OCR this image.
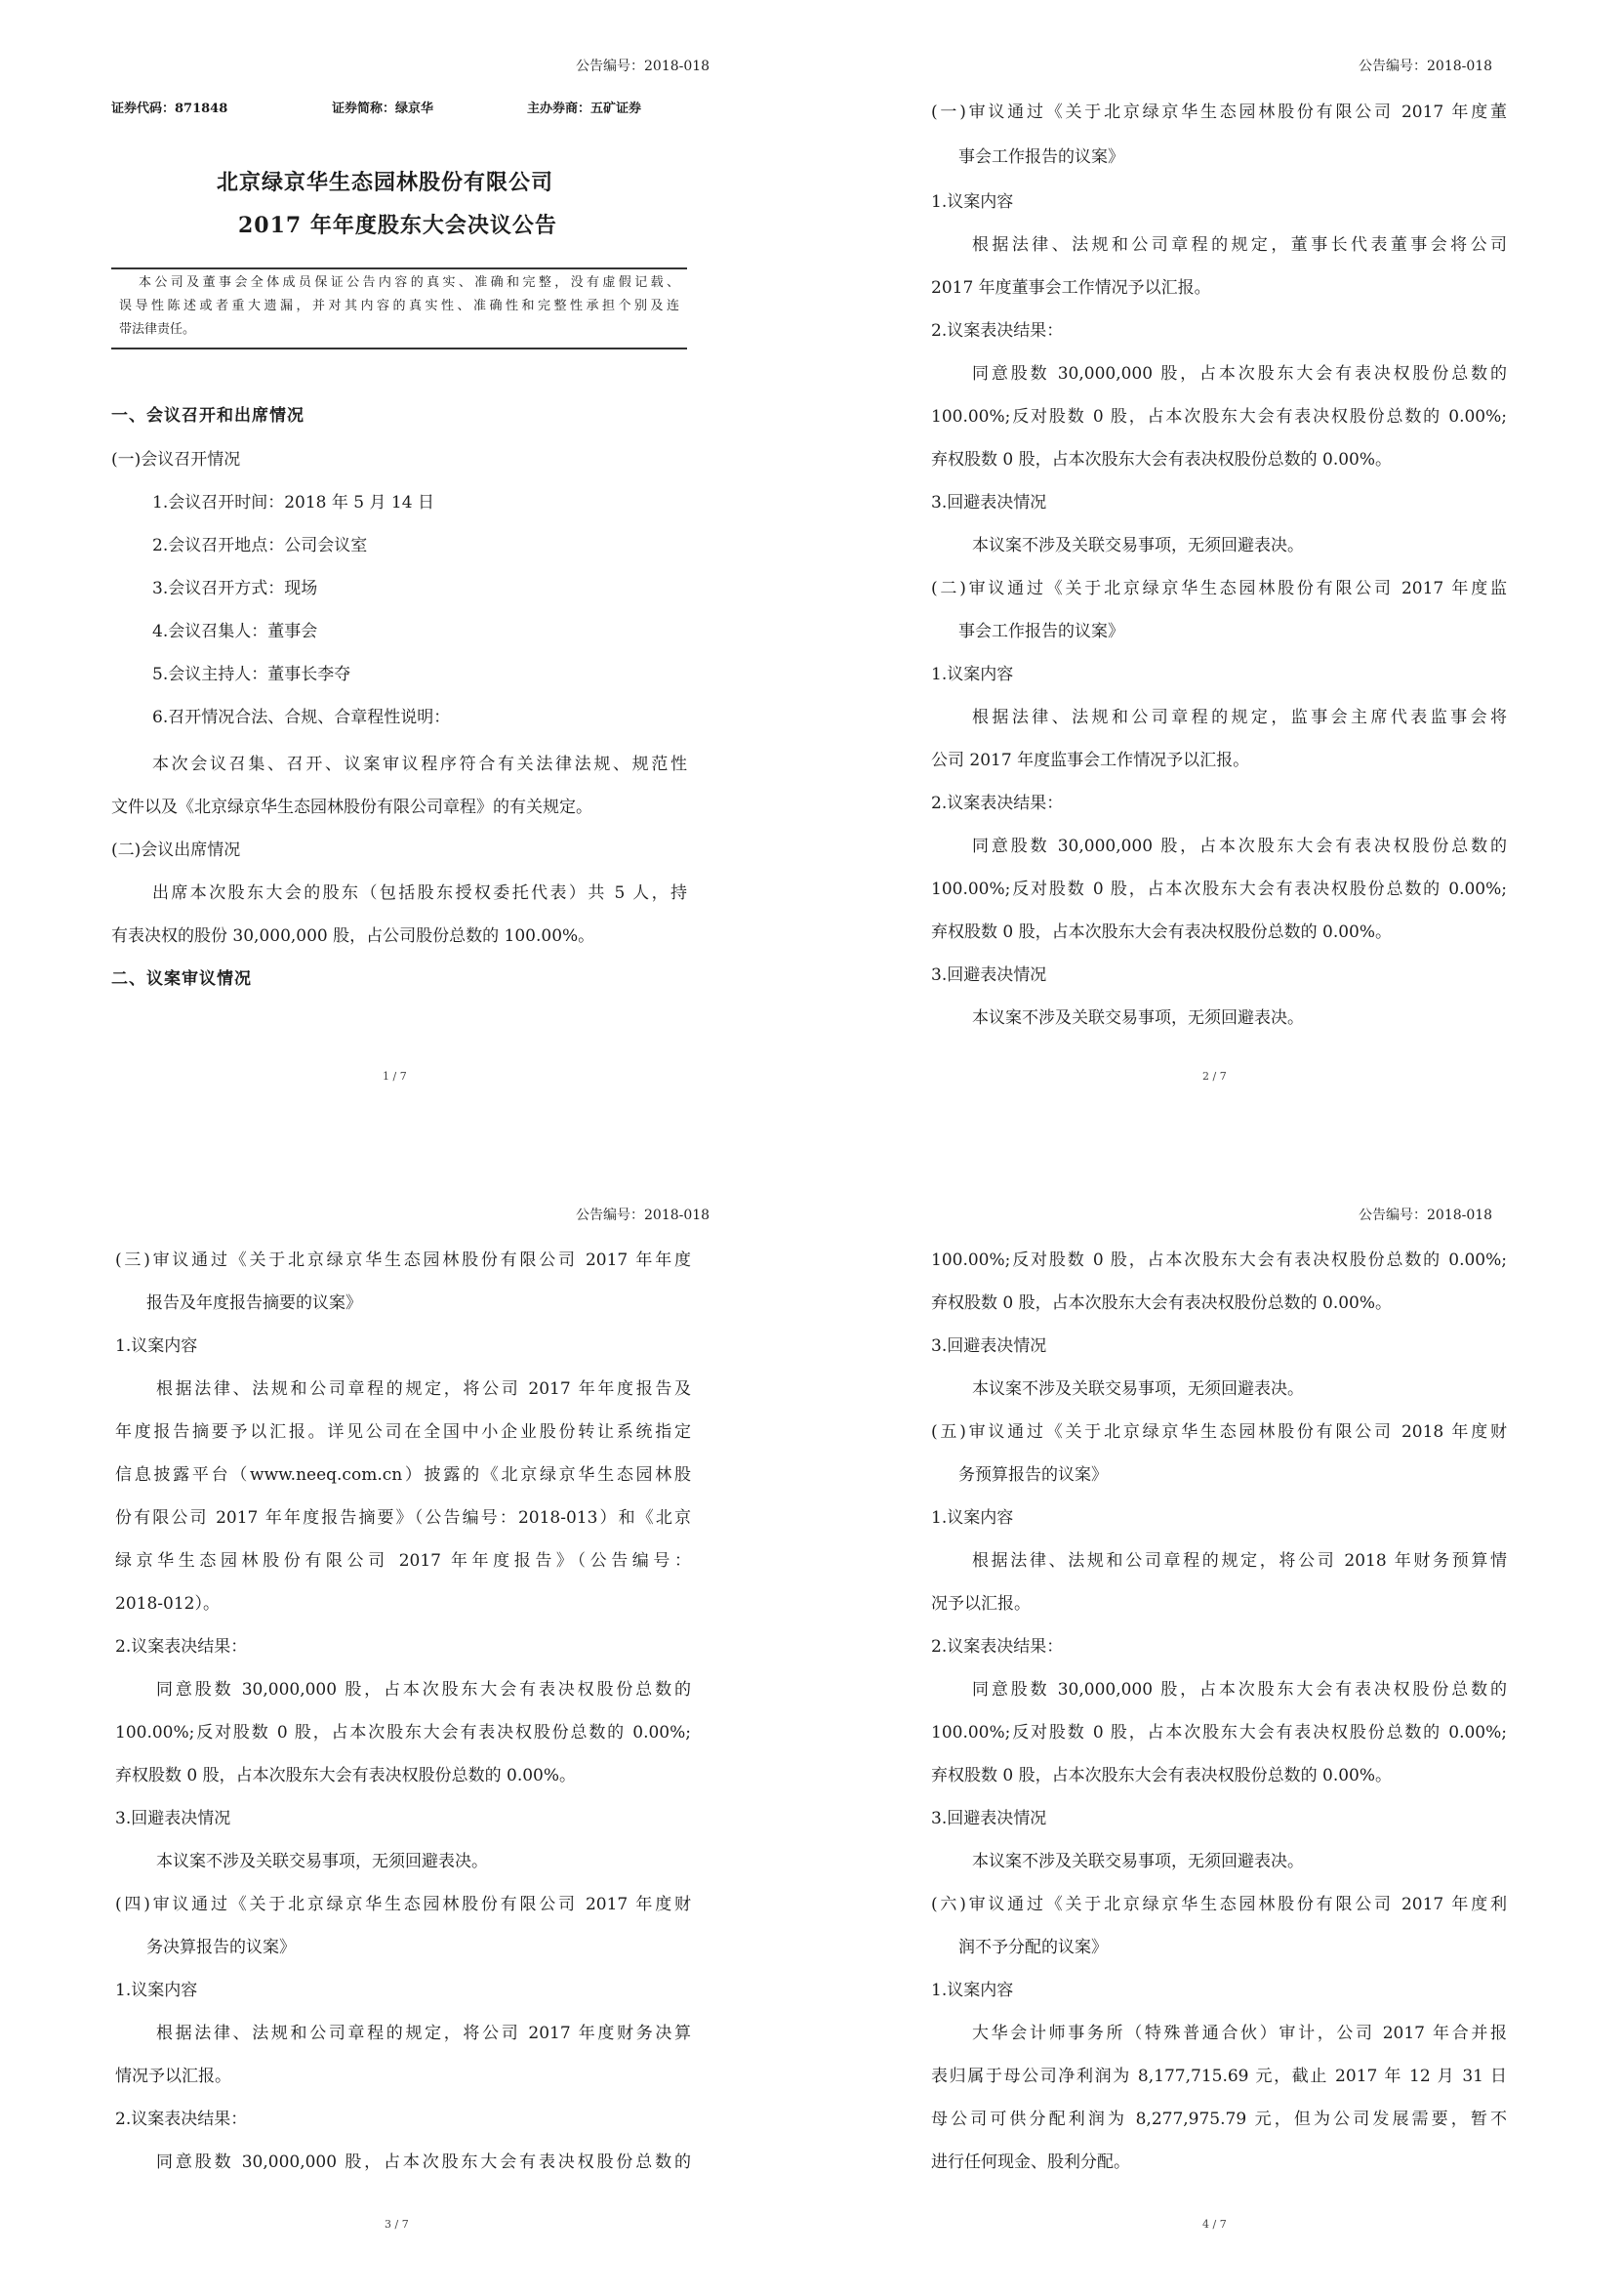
公告编号：2018-018
证券代码：871848	证券简称：绿京华	主办券商：五矿证券
北京绿京华生态园林股份有限公司
2017 年年度股东大会决议公告
本公司及董事会全体成员保证公告内容的真实、准确和完整，没有虚假记载、
误导性陈述或者重大遗漏，并对其内容的真实性、准确性和完整性承担个别及连
带法律责任。
一、会议召开和出席情况
(一)会议召开情况
1.会议召开时间：2018 年 5 月 14 日
2.会议召开地点：公司会议室
3.会议召开方式：现场
4.会议召集人：董事会
5.会议主持人：董事长李夺
6.召开情况合法、合规、合章程性说明：
本次会议召集、召开、议案审议程序符合有关法律法规、规范性
文件以及《北京绿京华生态园林股份有限公司章程》的有关规定。
(二)会议出席情况
出席本次股东大会的股东（包括股东授权委托代表）共 5 人，持
有表决权的股份 30,000,000 股，占公司股份总数的 100.00%。
二、议案审议情况
1 / 7
公告编号：2018-018
(一)审议通过《关于北京绿京华生态园林股份有限公司 2017 年度董
事会工作报告的议案》
1.议案内容
根据法律、法规和公司章程的规定，董事长代表董事会将公司
2017 年度董事会工作情况予以汇报。
2.议案表决结果：
同意股数 30,000,000 股，占本次股东大会有表决权股份总数的
100.00%;反对股数 0 股，占本次股东大会有表决权股份总数的 0.00%;
弃权股数 0 股，占本次股东大会有表决权股份总数的 0.00%。
3.回避表决情况
本议案不涉及关联交易事项，无须回避表决。
(二)审议通过《关于北京绿京华生态园林股份有限公司 2017 年度监
事会工作报告的议案》
1.议案内容
根据法律、法规和公司章程的规定，监事会主席代表监事会将
公司 2017 年度监事会工作情况予以汇报。
2.议案表决结果：
同意股数 30,000,000 股，占本次股东大会有表决权股份总数的
100.00%;反对股数 0 股，占本次股东大会有表决权股份总数的 0.00%;
弃权股数 0 股，占本次股东大会有表决权股份总数的 0.00%。
3.回避表决情况
本议案不涉及关联交易事项，无须回避表决。
2 / 7
公告编号：2018-018
(三)审议通过《关于北京绿京华生态园林股份有限公司 2017 年年度
报告及年度报告摘要的议案》
1.议案内容
根据法律、法规和公司章程的规定，将公司 2017 年年度报告及
年度报告摘要予以汇报。详见公司在全国中小企业股份转让系统指定
信息披露平台（www.neeq.com.cn）披露的《北京绿京华生态园林股
份有限公司 2017 年年度报告摘要》（公告编号：2018-013）和《北京
绿京华生态园林股份有限公司 2017 年年度报告》（公告编号：
2018-012）。
2.议案表决结果：
同意股数 30,000,000 股，占本次股东大会有表决权股份总数的
100.00%;反对股数 0 股，占本次股东大会有表决权股份总数的 0.00%;
弃权股数 0 股，占本次股东大会有表决权股份总数的 0.00%。
3.回避表决情况
本议案不涉及关联交易事项，无须回避表决。
(四)审议通过《关于北京绿京华生态园林股份有限公司 2017 年度财
务决算报告的议案》
1.议案内容
根据法律、法规和公司章程的规定，将公司 2017 年度财务决算
情况予以汇报。
2.议案表决结果：
同意股数 30,000,000 股，占本次股东大会有表决权股份总数的
3 / 7
公告编号：2018-018
100.00%;反对股数 0 股，占本次股东大会有表决权股份总数的 0.00%;
弃权股数 0 股，占本次股东大会有表决权股份总数的 0.00%。
3.回避表决情况
本议案不涉及关联交易事项，无须回避表决。
(五)审议通过《关于北京绿京华生态园林股份有限公司 2018 年度财
务预算报告的议案》
1.议案内容
根据法律、法规和公司章程的规定，将公司 2018 年财务预算情
况予以汇报。
2.议案表决结果：
同意股数 30,000,000 股，占本次股东大会有表决权股份总数的
100.00%;反对股数 0 股，占本次股东大会有表决权股份总数的 0.00%;
弃权股数 0 股，占本次股东大会有表决权股份总数的 0.00%。
3.回避表决情况
本议案不涉及关联交易事项，无须回避表决。
(六)审议通过《关于北京绿京华生态园林股份有限公司 2017 年度利
润不予分配的议案》
1.议案内容
大华会计师事务所（特殊普通合伙）审计，公司 2017 年合并报
表归属于母公司净利润为 8,177,715.69 元，截止 2017 年 12 月 31 日
母公司可供分配利润为 8,277,975.79 元，但为公司发展需要，暂不
进行任何现金、股利分配。
4 / 7
